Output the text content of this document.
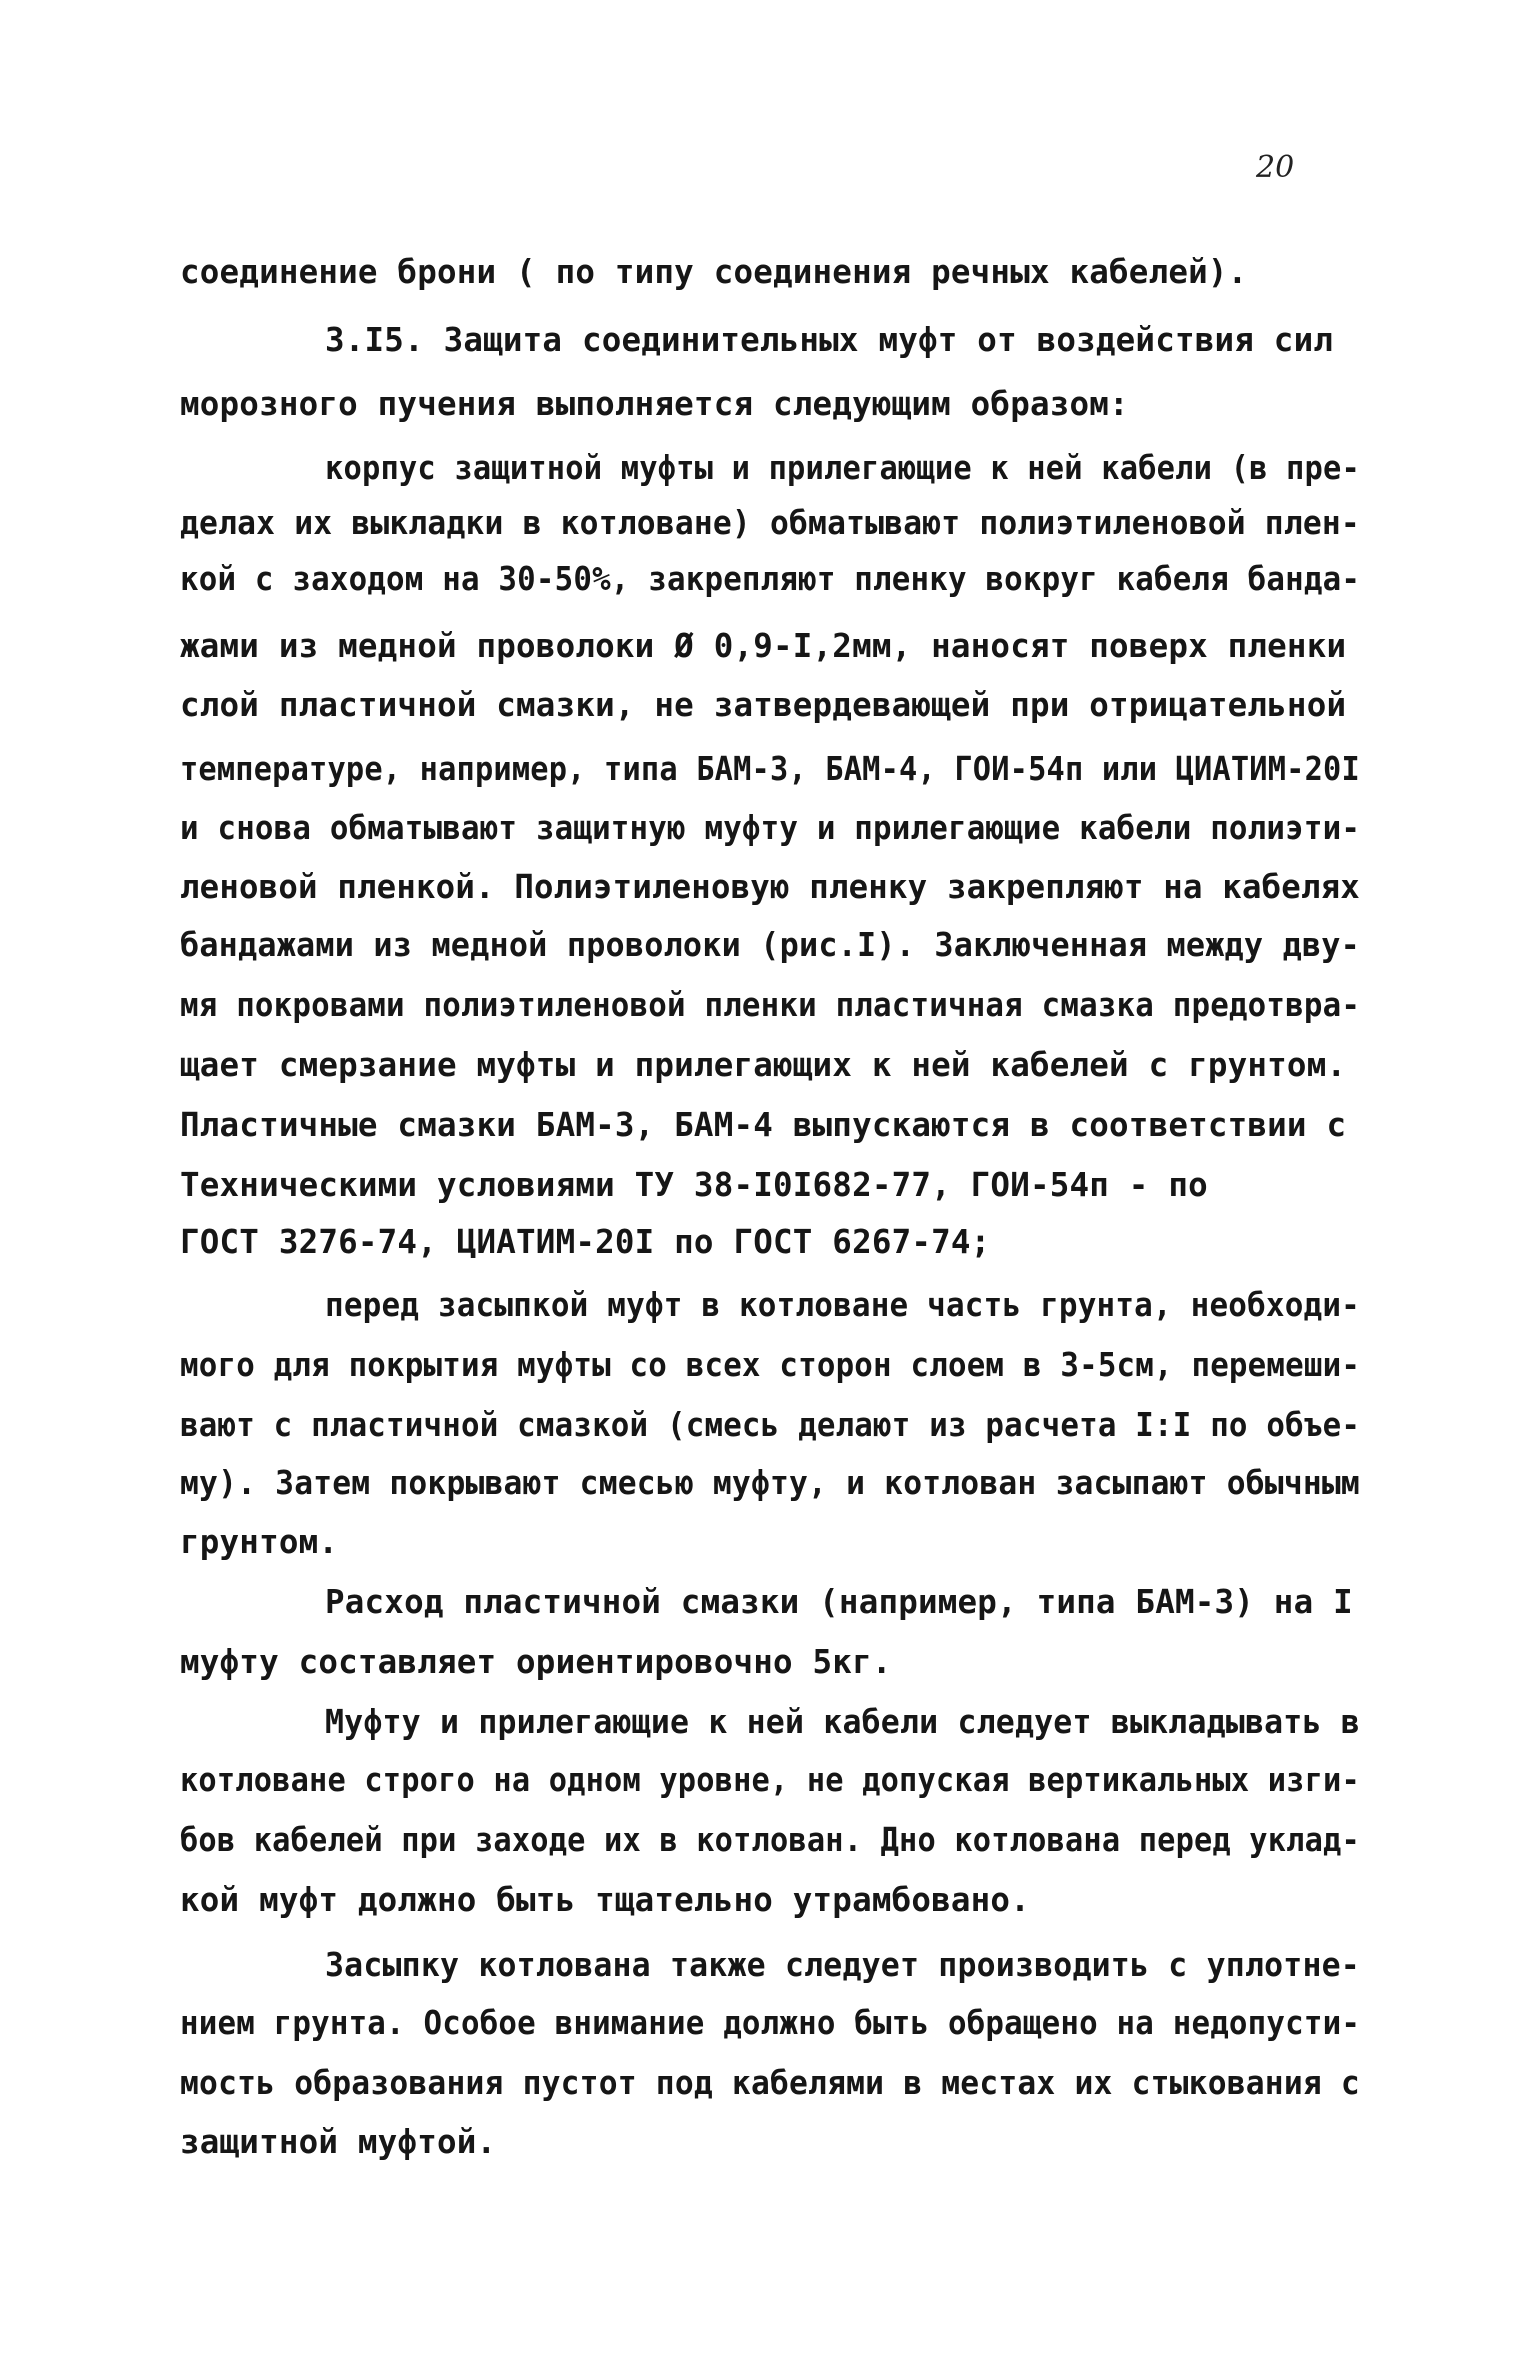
20
соединение брони ( по типу соединения речных кабелей).
3.I5. Защита соединительных муфт от воздействия сил
морозного пучения выполняется следующим образом:
корпус защитной муфты и прилегающие к ней кабели (в пре-
делах их выкладки в котловане) обматывают полиэтиленовой плен-
кой с заходом на 30-50%, закрепляют пленку вокруг кабеля банда-
жами из медной проволоки Ø 0,9-I,2мм, наносят поверх пленки
слой пластичной смазки, не затвердевающей при отрицательной
температуре, например, типа БАМ-3, БАМ-4, ГОИ-54п или ЦИАТИМ-20I
и снова обматывают защитную муфту и прилегающие кабели полиэти-
леновой пленкой. Полиэтиленовую пленку закрепляют на кабелях
бандажами из медной проволоки (рис.I). Заключенная между дву-
мя покровами полиэтиленовой пленки пластичная смазка предотвра-
щает смерзание муфты и прилегающих к ней кабелей с грунтом.
Пластичные смазки БАМ-3, БАМ-4 выпускаются в соответствии с
Техническими условиями ТУ 38-I0I682-77, ГОИ-54п - по
ГОСТ 3276-74, ЦИАТИМ-20I по ГОСТ 6267-74;
перед засыпкой муфт в котловане часть грунта, необходи-
мого для покрытия муфты со всех сторон слоем в 3-5см, перемеши-
вают с пластичной смазкой (смесь делают из расчета I:I по объе-
му). Затем покрывают смесью муфту, и котлован засыпают обычным
грунтом.
Расход пластичной смазки (например, типа БАМ-3) на I
муфту составляет ориентировочно 5кг.
Муфту и прилегающие к ней кабели следует выкладывать в
котловане строго на одном уровне, не допуская вертикальных изги-
бов кабелей при заходе их в котлован. Дно котлована перед уклад-
кой муфт должно быть тщательно утрамбовано.
Засыпку котлована также следует производить с уплотне-
нием грунта. Особое внимание должно быть обращено на недопусти-
мость образования пустот под кабелями в местах их стыкования с
защитной муфтой.
